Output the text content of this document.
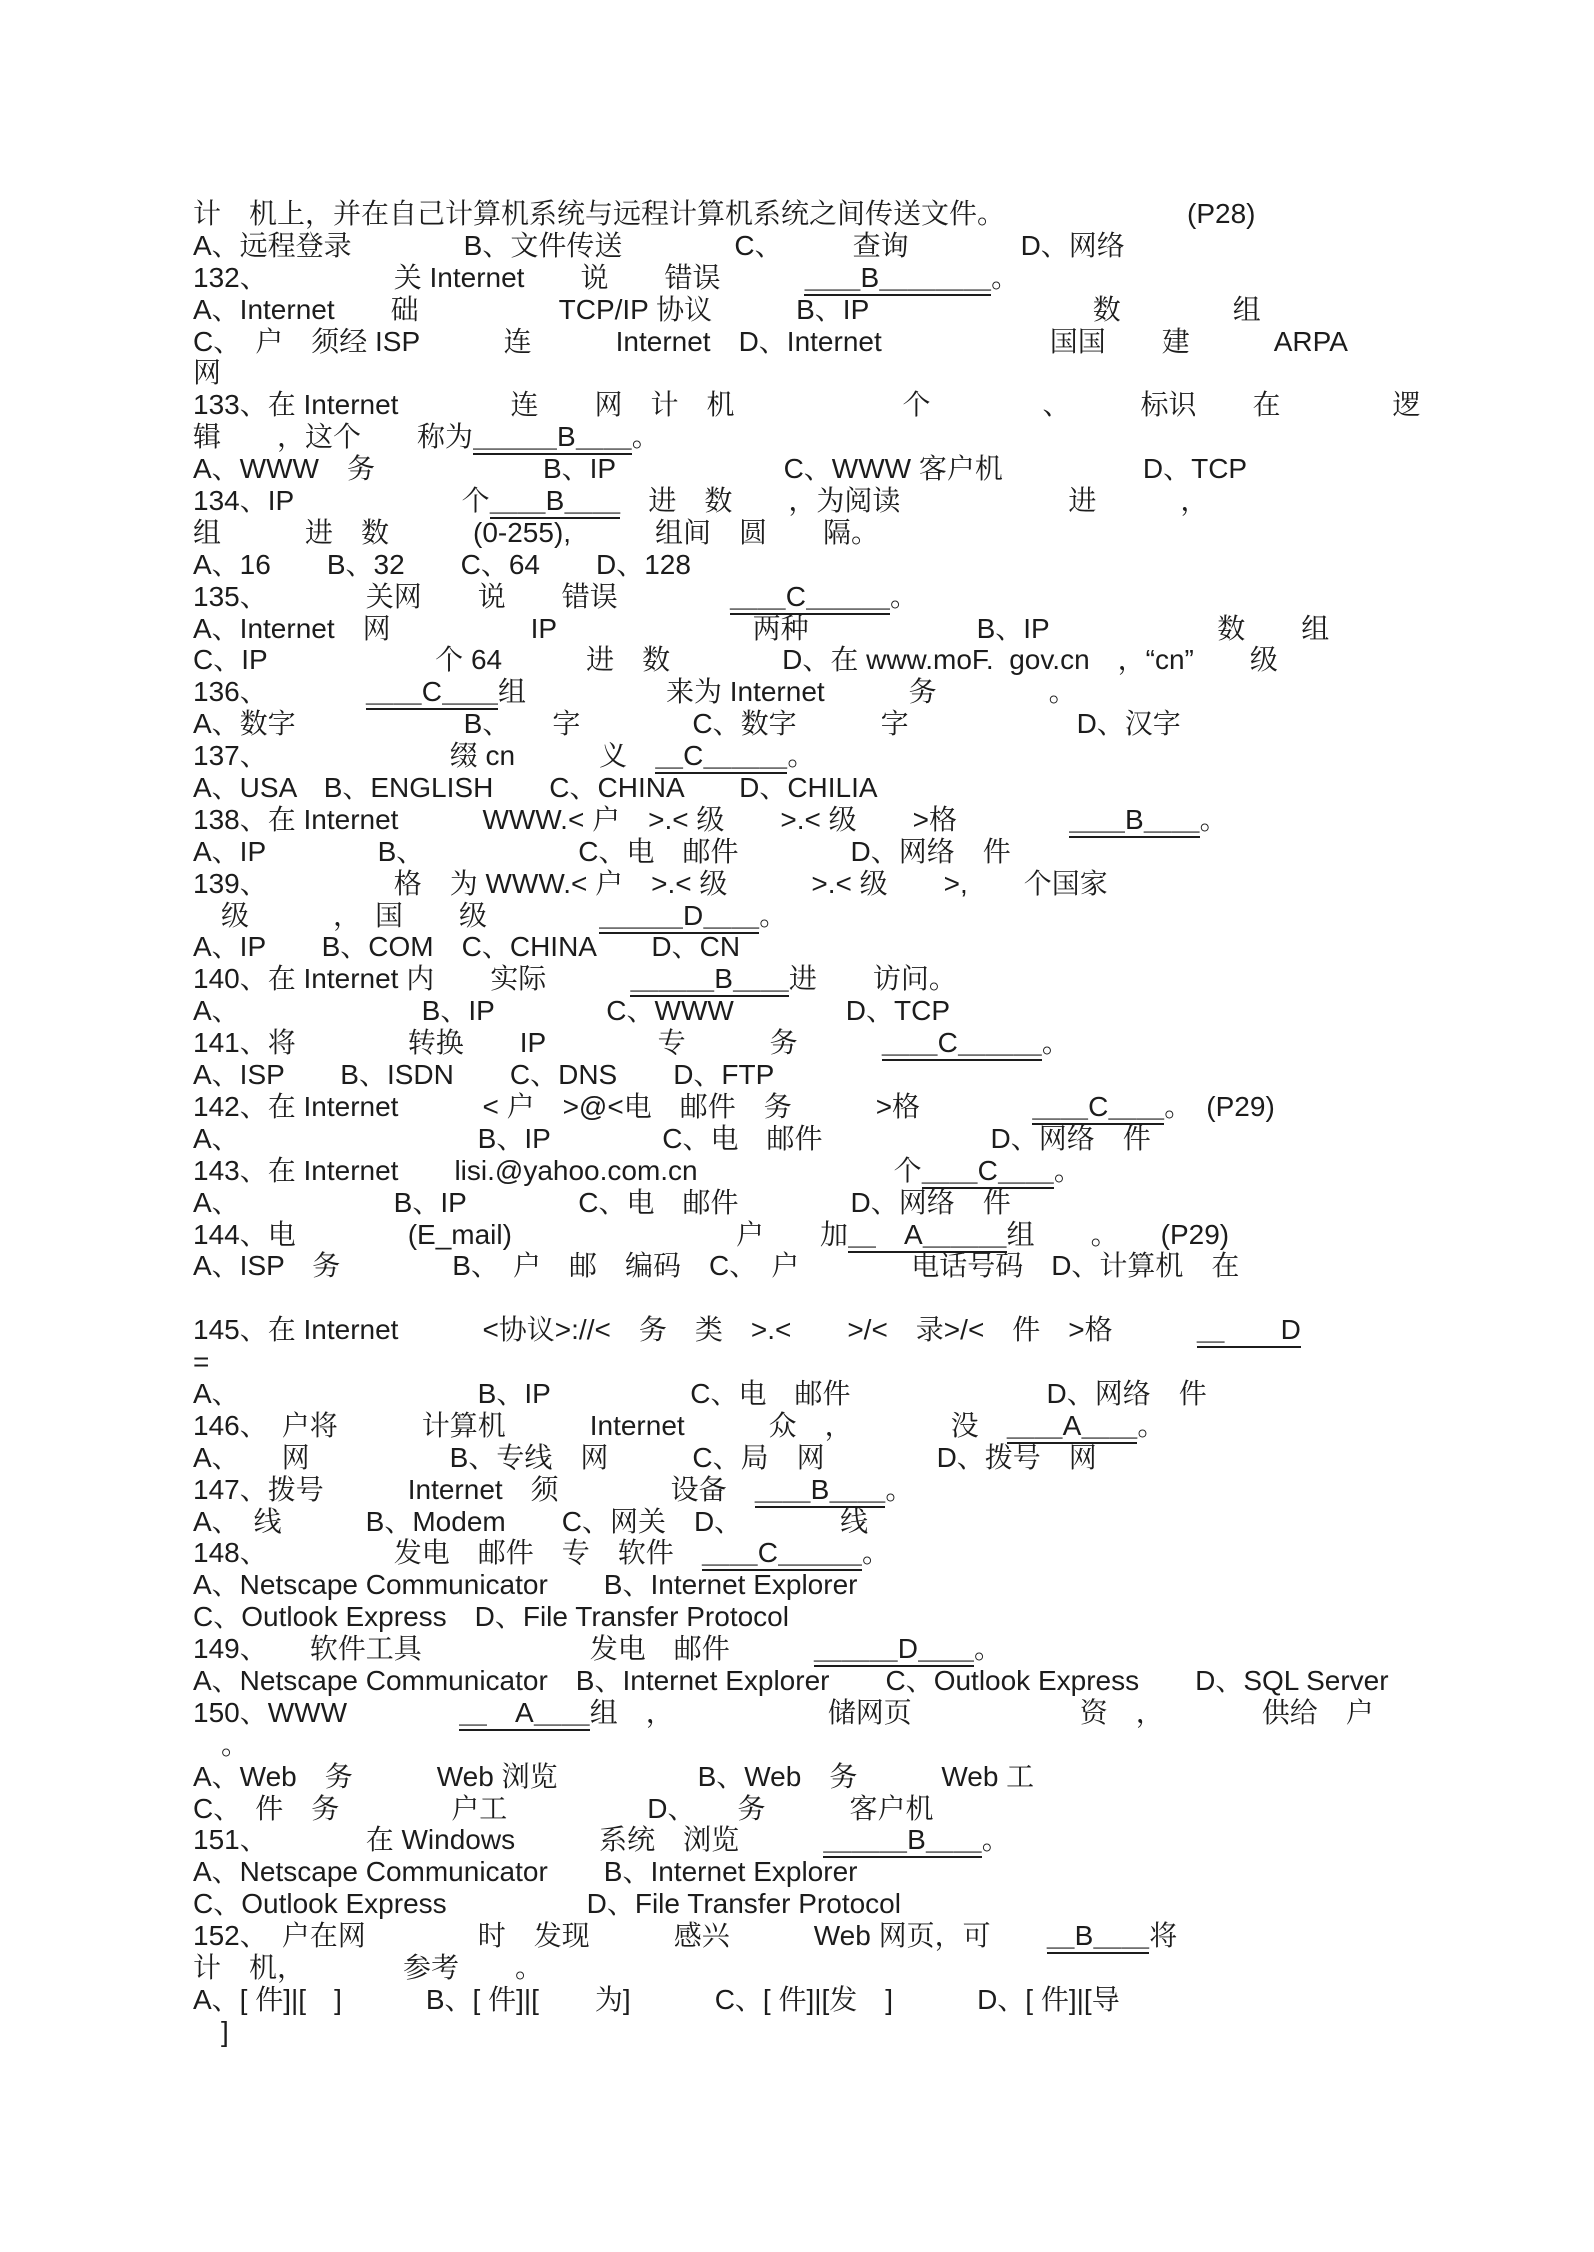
计　机上，并在自己计算机系统与远程计算机系统之间传送文件。　　　　　　　(P28)
A、远程登录　　　　B、文件传送　　　　C、　　　查询　　　　D、网络
132、　　　　　关 Internet　　说　　错误　　　＿＿B＿＿＿＿。
A、Internet　　础　　　　　TCP/IP 协议　　　B、IP　　　　　　　　数　　　　组
C、　户　须经 ISP　　　连　　　Internet　D、Internet　　　　　　国国　　建　　　ARPA
网
133、在 Internet　　　　连　　网　计　机　　　　　　个　　　　、　　　标识　　在　　　　逻
辑　　，这个　　称为＿＿＿B＿＿。
A、WWW　务　　　　　　B、IP　　　　　　C、WWW 客户机　　　　　D、TCP
134、IP　　　　　　个＿＿B＿＿　进　数　　，为阅读　　　　　　进　　　，
组　　　进　数　　　(0-255),　　　组间　圆　　隔。
A、16　　B、32　　C、64　　D、128
135、　　　　关网　　说　　错误　　　　＿＿C＿＿＿。
A、Internet　网　　　　　IP　　　　　　　两种　　　　　　B、IP　　　　　　数　　组
C、IP　　　　　　个 64　　　进　数　　　　D、在 www.moF.  gov.cn　，“cn”　　级
136、　　　　＿＿C＿＿组　　　　　来为 Internet　　　务　　　　。
A、数字　　　　　　B、　　字　　　　C、数字　　　字　　　　　　D、汉字
137、　　　　　　　缀 cn　　　义　＿C＿＿＿。
A、USA　B、ENGLISH　　C、CHINA　　D、CHILIA
138、在 Internet　　　WWW.< 户　>.< 级　　>.< 级　　>格　　　　＿＿B＿＿。
A、IP　　　　B、　　　　　　C、电　邮件　　　　D、网络　件
139、　　　　　格　为 WWW.< 户　>.< 级　　　>.< 级　　>,　　个国家
　级　　　，　国　　级　　　　＿＿＿D＿＿。
A、IP　　B、COM　C、CHINA　　D、CN
140、在 Internet 内　　实际　　　＿＿＿B＿＿进　　访问。
A、　　　　　　　B、IP　　　　C、WWW　　　　D、TCP
141、将　　　　转换　　IP　　　　专　　　务　　　＿＿C＿＿＿。
A、ISP　　B、ISDN　　C、DNS　　D、FTP
142、在 Internet　　　< 户　>@<电　邮件　务　　　>格　　　　＿＿C＿＿。　(P29)
A、　　　　　　　　　B、IP　　　　C、电　邮件　　　　　　D、网络　件
143、在 Internet　　lisi.@yahoo.com.cn　　　　　　　个＿＿C＿＿。
A、　　　　　　B、IP　　　　C、电　邮件　　　　D、网络　件
144、电　　　　(E_mail)　　　　　　　　户　　加＿　A＿＿＿组　　。　　(P29)
A、ISP　务　　　　B、　户　邮　编码　C、　户　　　　电话号码　D、计算机　在

145、在 Internet　　　<协议>://<　务　类　>.<　　>/<　录>/<　件　>格　　　＿　　D
=
A、　　　　　　　　　B、IP　　　　　C、电　邮件　　　　　　　D、网络　件
146、　户将　　　计算机　　　Internet　　　众　，　　　　没　＿＿A＿＿。
A、　　网　　　　　B、专线　网　　　C、局　网　　　　D、拨号　网
147、拨号　　　Internet　须　　　　设备　＿＿B＿＿。
A、　线　　　B、Modem　　C、网关　D、　　　　线
148、　　　　　发电　邮件　专　软件　＿＿C＿＿＿。
A、Netscape Communicator　　B、Internet Explorer
C、Outlook Express　D、File Transfer Protocol
149、　　软件工具　　　　　　发电　邮件　　　＿＿＿D＿＿。
A、Netscape Communicator　B、Internet Explorer　　C、Outlook Express　　D、SQL Server
150、WWW　　　　＿　A＿＿组　，　　　　　　储网页　　　　　　资　，　　　　供给　户
　。
A、Web　务　　　Web 浏览　　　　　B、Web　务　　　Web 工
C、　件　务　　　　户工　　　　　D、　　务　　　客户机
151、　　　　在 Windows　　　系统　浏览　　　＿＿＿B＿＿。
A、Netscape Communicator　　B、Internet Explorer
C、Outlook Express　　　　　D、File Transfer Protocol
152、　户在网　　　　时　发现　　　感兴　　　Web 网页，可　　＿B＿＿将
计　机，　　　　参考　　。
A、[ 件]|[　]　　　B、[ 件]|[　　为]　　　C、[ 件]|[发　]　　　D、[ 件]|[导
　]
